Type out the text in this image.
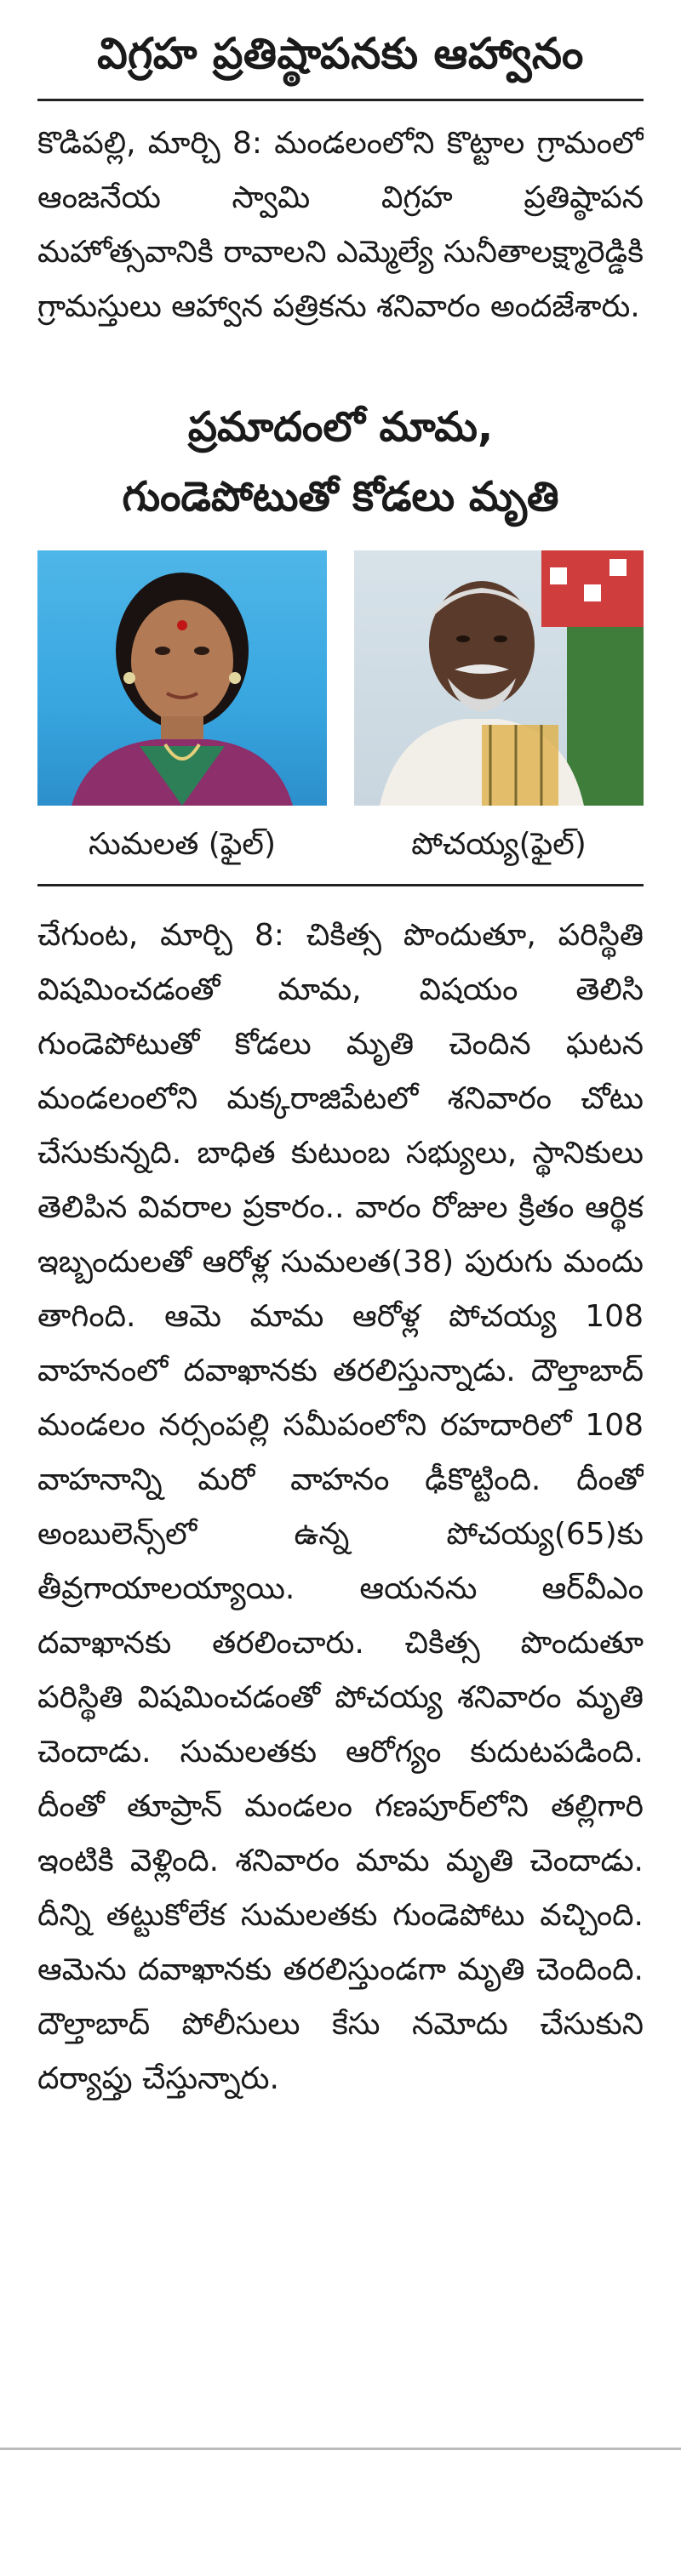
విగ్రహ ప్రతిష్ఠాపనకు ఆహ్వానం

కొడిపల్లి, మార్చి 8: మండలంలోని కొట్టాల గ్రామంలో ఆంజనేయ స్వామి విగ్రహ ప్రతిష్ఠాపన మహోత్సవానికి రావాలని ఎమ్మెల్యే సునీతాలక్ష్మారెడ్డికి గ్రామస్తులు ఆహ్వాన పత్రికను శనివారం అందజేశారు.

ప్రమాదంలో మామ,
గుండెపోటుతో కోడలు మృతి
సుమలత (ఫైల్)	పోచయ్య(ఫైల్)

చేగుంట, మార్చి 8: చికిత్స పొందుతూ, పరిస్థితి విషమించడంతో మామ, విషయం తెలిసి గుండెపోటుతో కోడలు మృతి చెందిన ఘటన మండలంలోని మక్కరాజిపేటలో శనివారం చోటు చేసుకున్నది. బాధిత కుటుంబ సభ్యులు, స్థానికులు తెలిపిన వివరాల ప్రకారం.. వారం రోజుల క్రితం ఆర్థిక ఇబ్బందులతో ఆరోళ్ల సుమలత(38) పురుగు మందు తాగింది. ఆమె మామ ఆరోళ్ల పోచయ్య 108 వాహనంలో దవాఖానకు తరలిస్తున్నాడు. దౌల్తాబాద్ మండలం నర్సంపల్లి సమీపంలోని రహదారిలో 108 వాహనాన్ని మరో వాహనం ఢీకొట్టింది. దీంతో అంబులెన్స్‌లో ఉన్న పోచయ్య(65)కు తీవ్రగాయాలయ్యాయి. ఆయనను ఆర్‌వీఎం దవాఖానకు తరలించారు. చికిత్స పొందుతూ పరిస్థితి విషమించడంతో పోచయ్య శనివారం మృతి చెందాడు. సుమలతకు ఆరోగ్యం కుదుటపడింది. దీంతో తూప్రాన్ మండలం గణపూర్‌లోని తల్లిగారి ఇంటికి వెళ్లింది. శనివారం మామ మృతి చెందాడు. దీన్ని తట్టుకోలేక సుమలతకు గుండెపోటు వచ్చింది. ఆమెను దవాఖానకు తరలిస్తుండగా మృతి చెందింది. దౌల్తాబాద్ పోలీసులు కేసు నమోదు చేసుకుని దర్యాప్తు చేస్తున్నారు.
